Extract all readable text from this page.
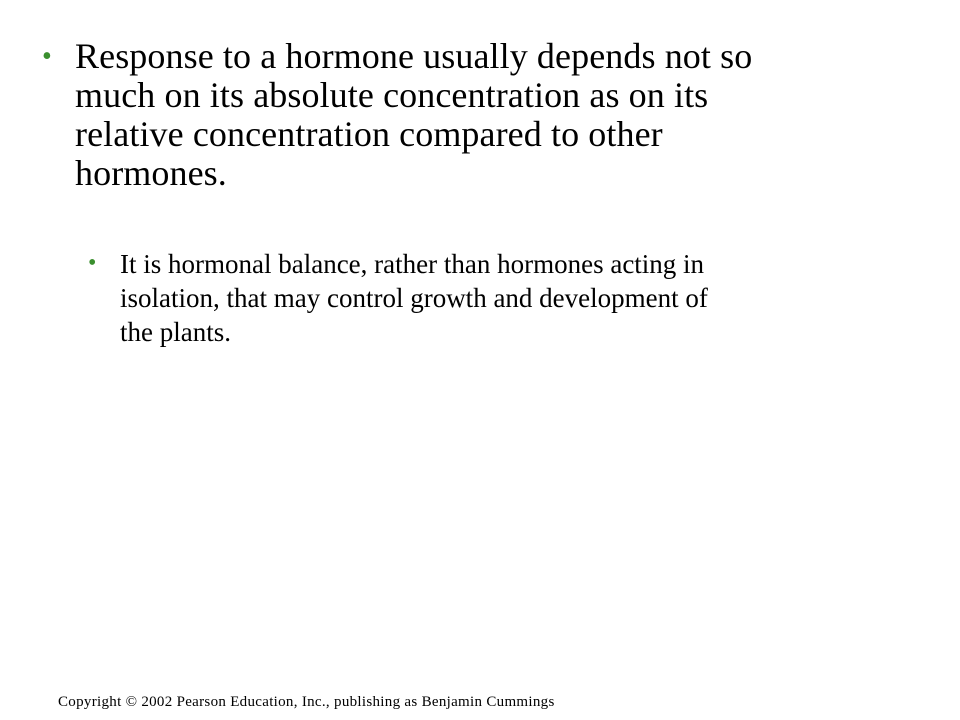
• Response to a hormone usually depends not so
much on its absolute concentration as on its
relative concentration compared to other
hormones.
• It is hormonal balance, rather than hormones acting in
isolation, that may control growth and development of
the plants.
Copyright © 2002 Pearson Education, Inc., publishing as Benjamin Cummings
